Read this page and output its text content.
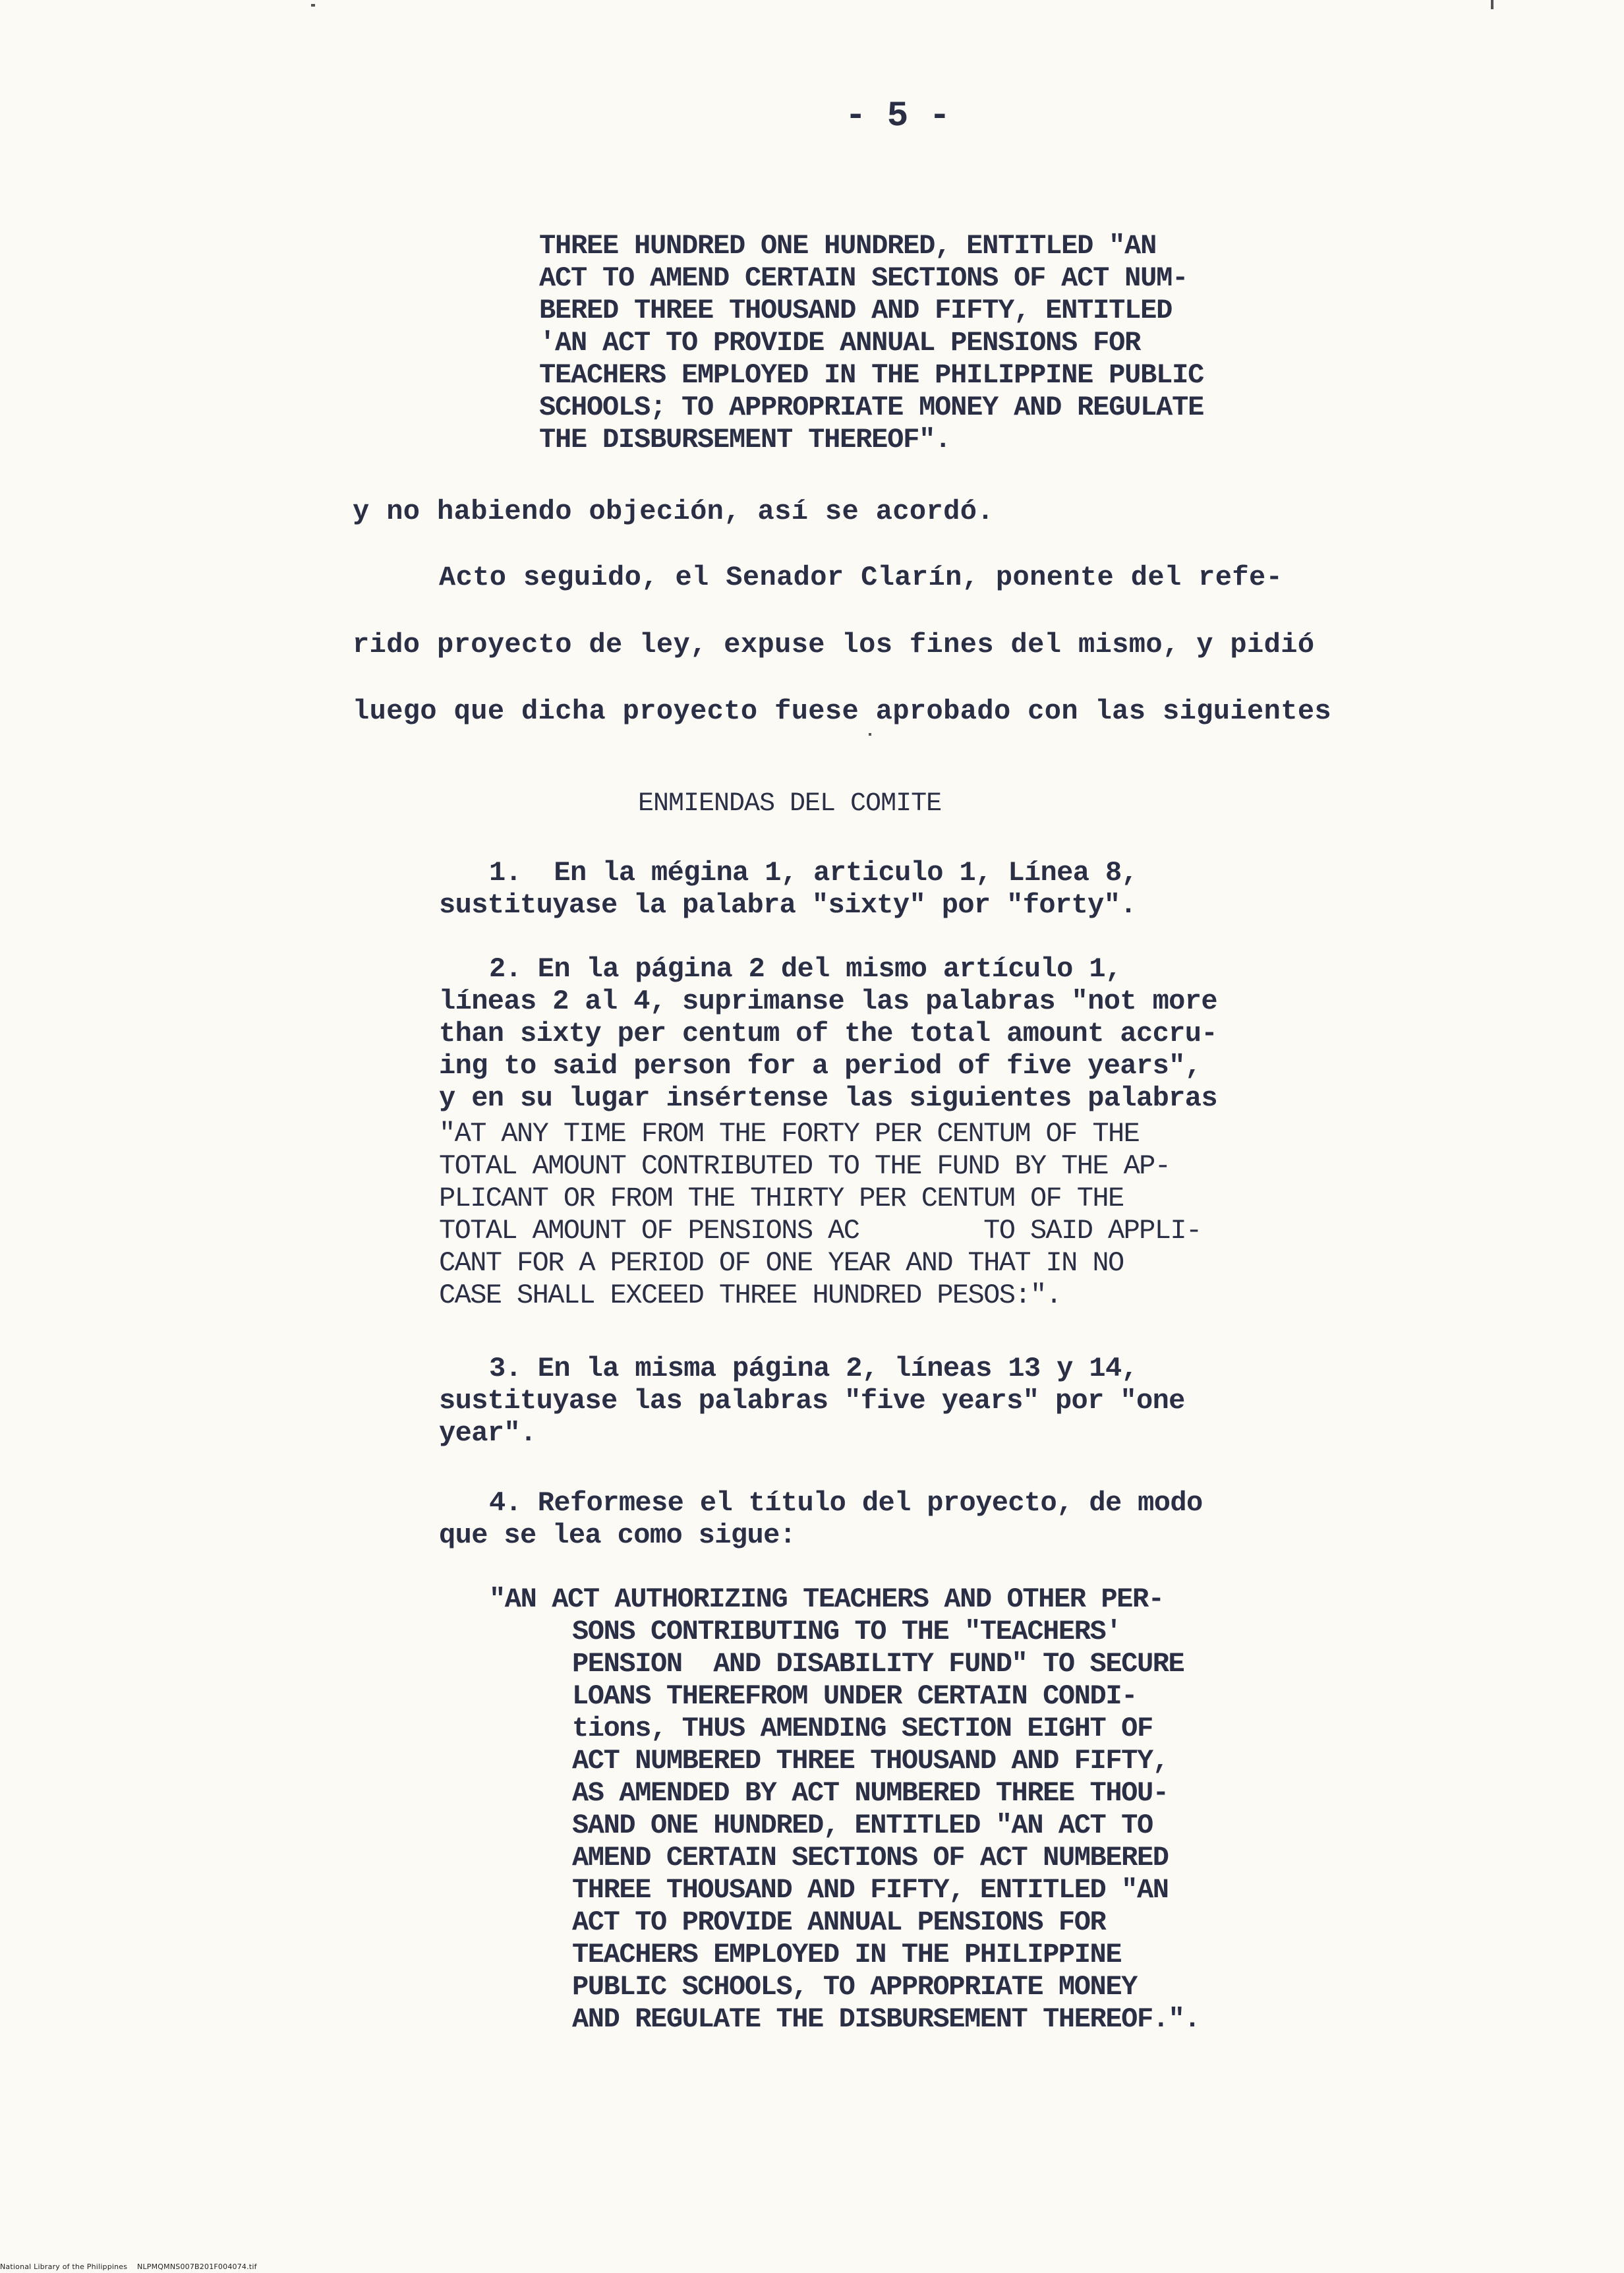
- 5 -
THREE HUNDRED ONE HUNDRED, ENTITLED "AN
ACT TO AMEND CERTAIN SECTIONS OF ACT NUM-
BERED THREE THOUSAND AND FIFTY, ENTITLED
'AN ACT TO PROVIDE ANNUAL PENSIONS FOR
TEACHERS EMPLOYED IN THE PHILIPPINE PUBLIC
SCHOOLS; TO APPROPRIATE MONEY AND REGULATE
THE DISBURSEMENT THEREOF".
y no habiendo objeción, así se acordó.
Acto seguido, el Senador Clarín, ponente del refe-
rido proyecto de ley, expuse los fines del mismo, y pidió
luego que dicha proyecto fuese aprobado con las siguientes
ENMIENDAS DEL COMITE
1.  En la mégina 1, articulo 1, Línea 8,
sustituyase la palabra "sixty" por "forty".
2. En la página 2 del mismo artículo 1,
líneas 2 al 4, suprimanse las palabras "not more
than sixty per centum of the total amount accru-
ing to said person for a period of five years",
y en su lugar insértense las siguientes palabras
"AT ANY TIME FROM THE FORTY PER CENTUM OF THE
TOTAL AMOUNT CONTRIBUTED TO THE FUND BY THE AP-
PLICANT OR FROM THE THIRTY PER CENTUM OF THE
TOTAL AMOUNT OF PENSIONS AC        TO SAID APPLI-
CANT FOR A PERIOD OF ONE YEAR AND THAT IN NO
CASE SHALL EXCEED THREE HUNDRED PESOS:".
3. En la misma página 2, líneas 13 y 14,
sustituyase las palabras "five years" por "one
year".
4. Reformese el título del proyecto, de modo
que se lea como sigue:
"AN ACT AUTHORIZING TEACHERS AND OTHER PER-
SONS CONTRIBUTING TO THE "TEACHERS'
PENSION  AND DISABILITY FUND" TO SECURE
LOANS THEREFROM UNDER CERTAIN CONDI-
tions, THUS AMENDING SECTION EIGHT OF
ACT NUMBERED THREE THOUSAND AND FIFTY,
AS AMENDED BY ACT NUMBERED THREE THOU-
SAND ONE HUNDRED, ENTITLED "AN ACT TO
AMEND CERTAIN SECTIONS OF ACT NUMBERED
THREE THOUSAND AND FIFTY, ENTITLED "AN
ACT TO PROVIDE ANNUAL PENSIONS FOR
TEACHERS EMPLOYED IN THE PHILIPPINE
PUBLIC SCHOOLS, TO APPROPRIATE MONEY
AND REGULATE THE DISBURSEMENT THEREOF.".
National Library of the Philippines NLPMQMNS007B201F004074.tif
